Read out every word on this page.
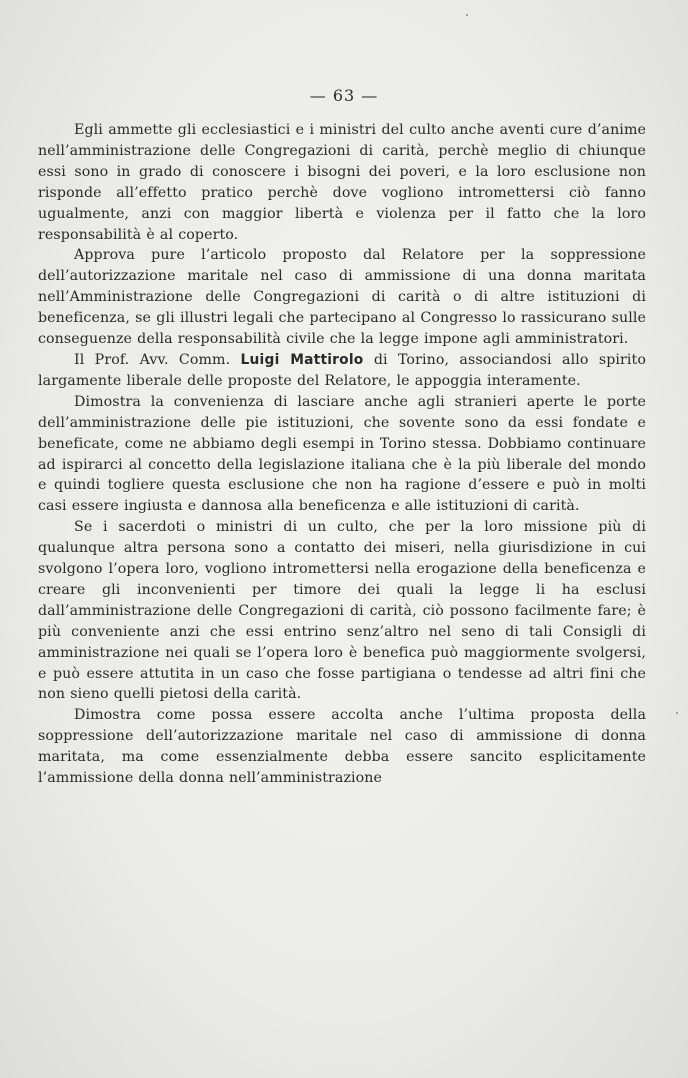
— 63 —

Egli ammette gli ecclesiastici e i ministri del culto anche aventi cure d’anime nell’amministrazione delle Congregazioni di carità, perchè meglio di chiunque essi sono in grado di conoscere i bisogni dei poveri, e la loro esclusione non risponde all’effetto pratico perchè dove vogliono intromettersi ciò fanno ugualmente, anzi con maggior libertà e violenza per il fatto che la loro responsabilità è al coperto.

Approva pure l’articolo proposto dal Relatore per la soppressione dell’autorizzazione maritale nel caso di ammissione di una donna maritata nell’Amministrazione delle Congregazioni di carità o di altre istituzioni di beneficenza, se gli illustri legali che partecipano al Congresso lo rassicurano sulle conseguenze della responsabilità civile che la legge impone agli amministratori.

Il Prof. Avv. Comm. Luigi Mattirolo di Torino, associandosi allo spirito largamente liberale delle proposte del Relatore, le appoggia interamente.

Dimostra la convenienza di lasciare anche agli stranieri aperte le porte dell’amministrazione delle pie istituzioni, che sovente sono da essi fondate e beneficate, come ne abbiamo degli esempi in Torino stessa. Dobbiamo continuare ad ispirarci al concetto della legislazione italiana che è la più liberale del mondo e quindi togliere questa esclusione che non ha ragione d’essere e può in molti casi essere ingiusta e dannosa alla beneficenza e alle istituzioni di carità.

Se i sacerdoti o ministri di un culto, che per la loro missione più di qualunque altra persona sono a contatto dei miseri, nella giurisdizione in cui svolgono l’opera loro, vogliono intromettersi nella erogazione della beneficenza e creare gli inconvenienti per timore dei quali la legge li ha esclusi dall’amministrazione delle Congregazioni di carità, ciò possono facilmente fare; è più conveniente anzi che essi entrino senz’altro nel seno di tali Consigli di amministrazione nei quali se l’opera loro è benefica può maggiormente svolgersi, e può essere attutita in un caso che fosse partigiana o tendesse ad altri fini che non sieno quelli pietosi della carità.

Dimostra come possa essere accolta anche l’ultima proposta della soppressione dell’autorizzazione maritale nel caso di ammissione di donna maritata, ma come essenzialmente debba essere sancito esplicitamente l’ammissione della donna nell’amministrazione
